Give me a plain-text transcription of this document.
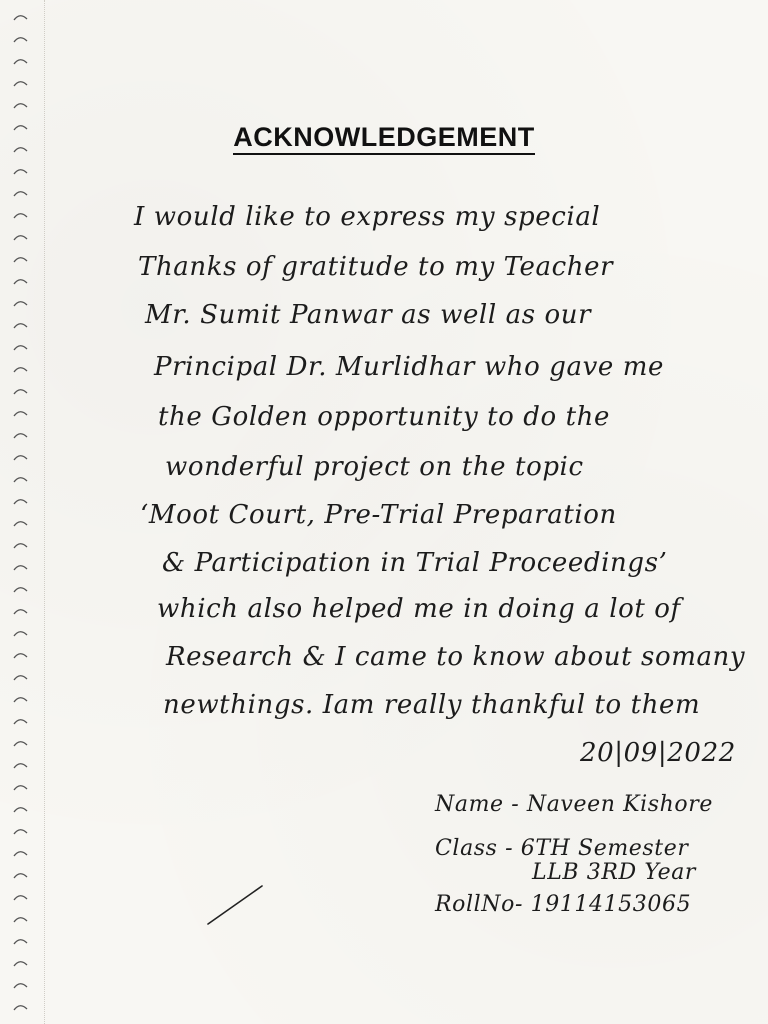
ACKNOWLEDGEMENT
I would like to express my special
Thanks of gratitude to my Teacher
Mr. Sumit Panwar as well as our
Principal Dr. Murlidhar who gave me
the Golden opportunity to do the
wonderful project on the topic
‘Moot Court, Pre-Trial Preparation
& Participation in Trial Proceedings’
which also helped me in doing a lot of
Research & I came to know about somany
newthings. Iam really thankful to them
20|09|2022
Name - Naveen Kishore
Class - 6TH Semester
LLB 3RD Year
RollNo- 19114153065
